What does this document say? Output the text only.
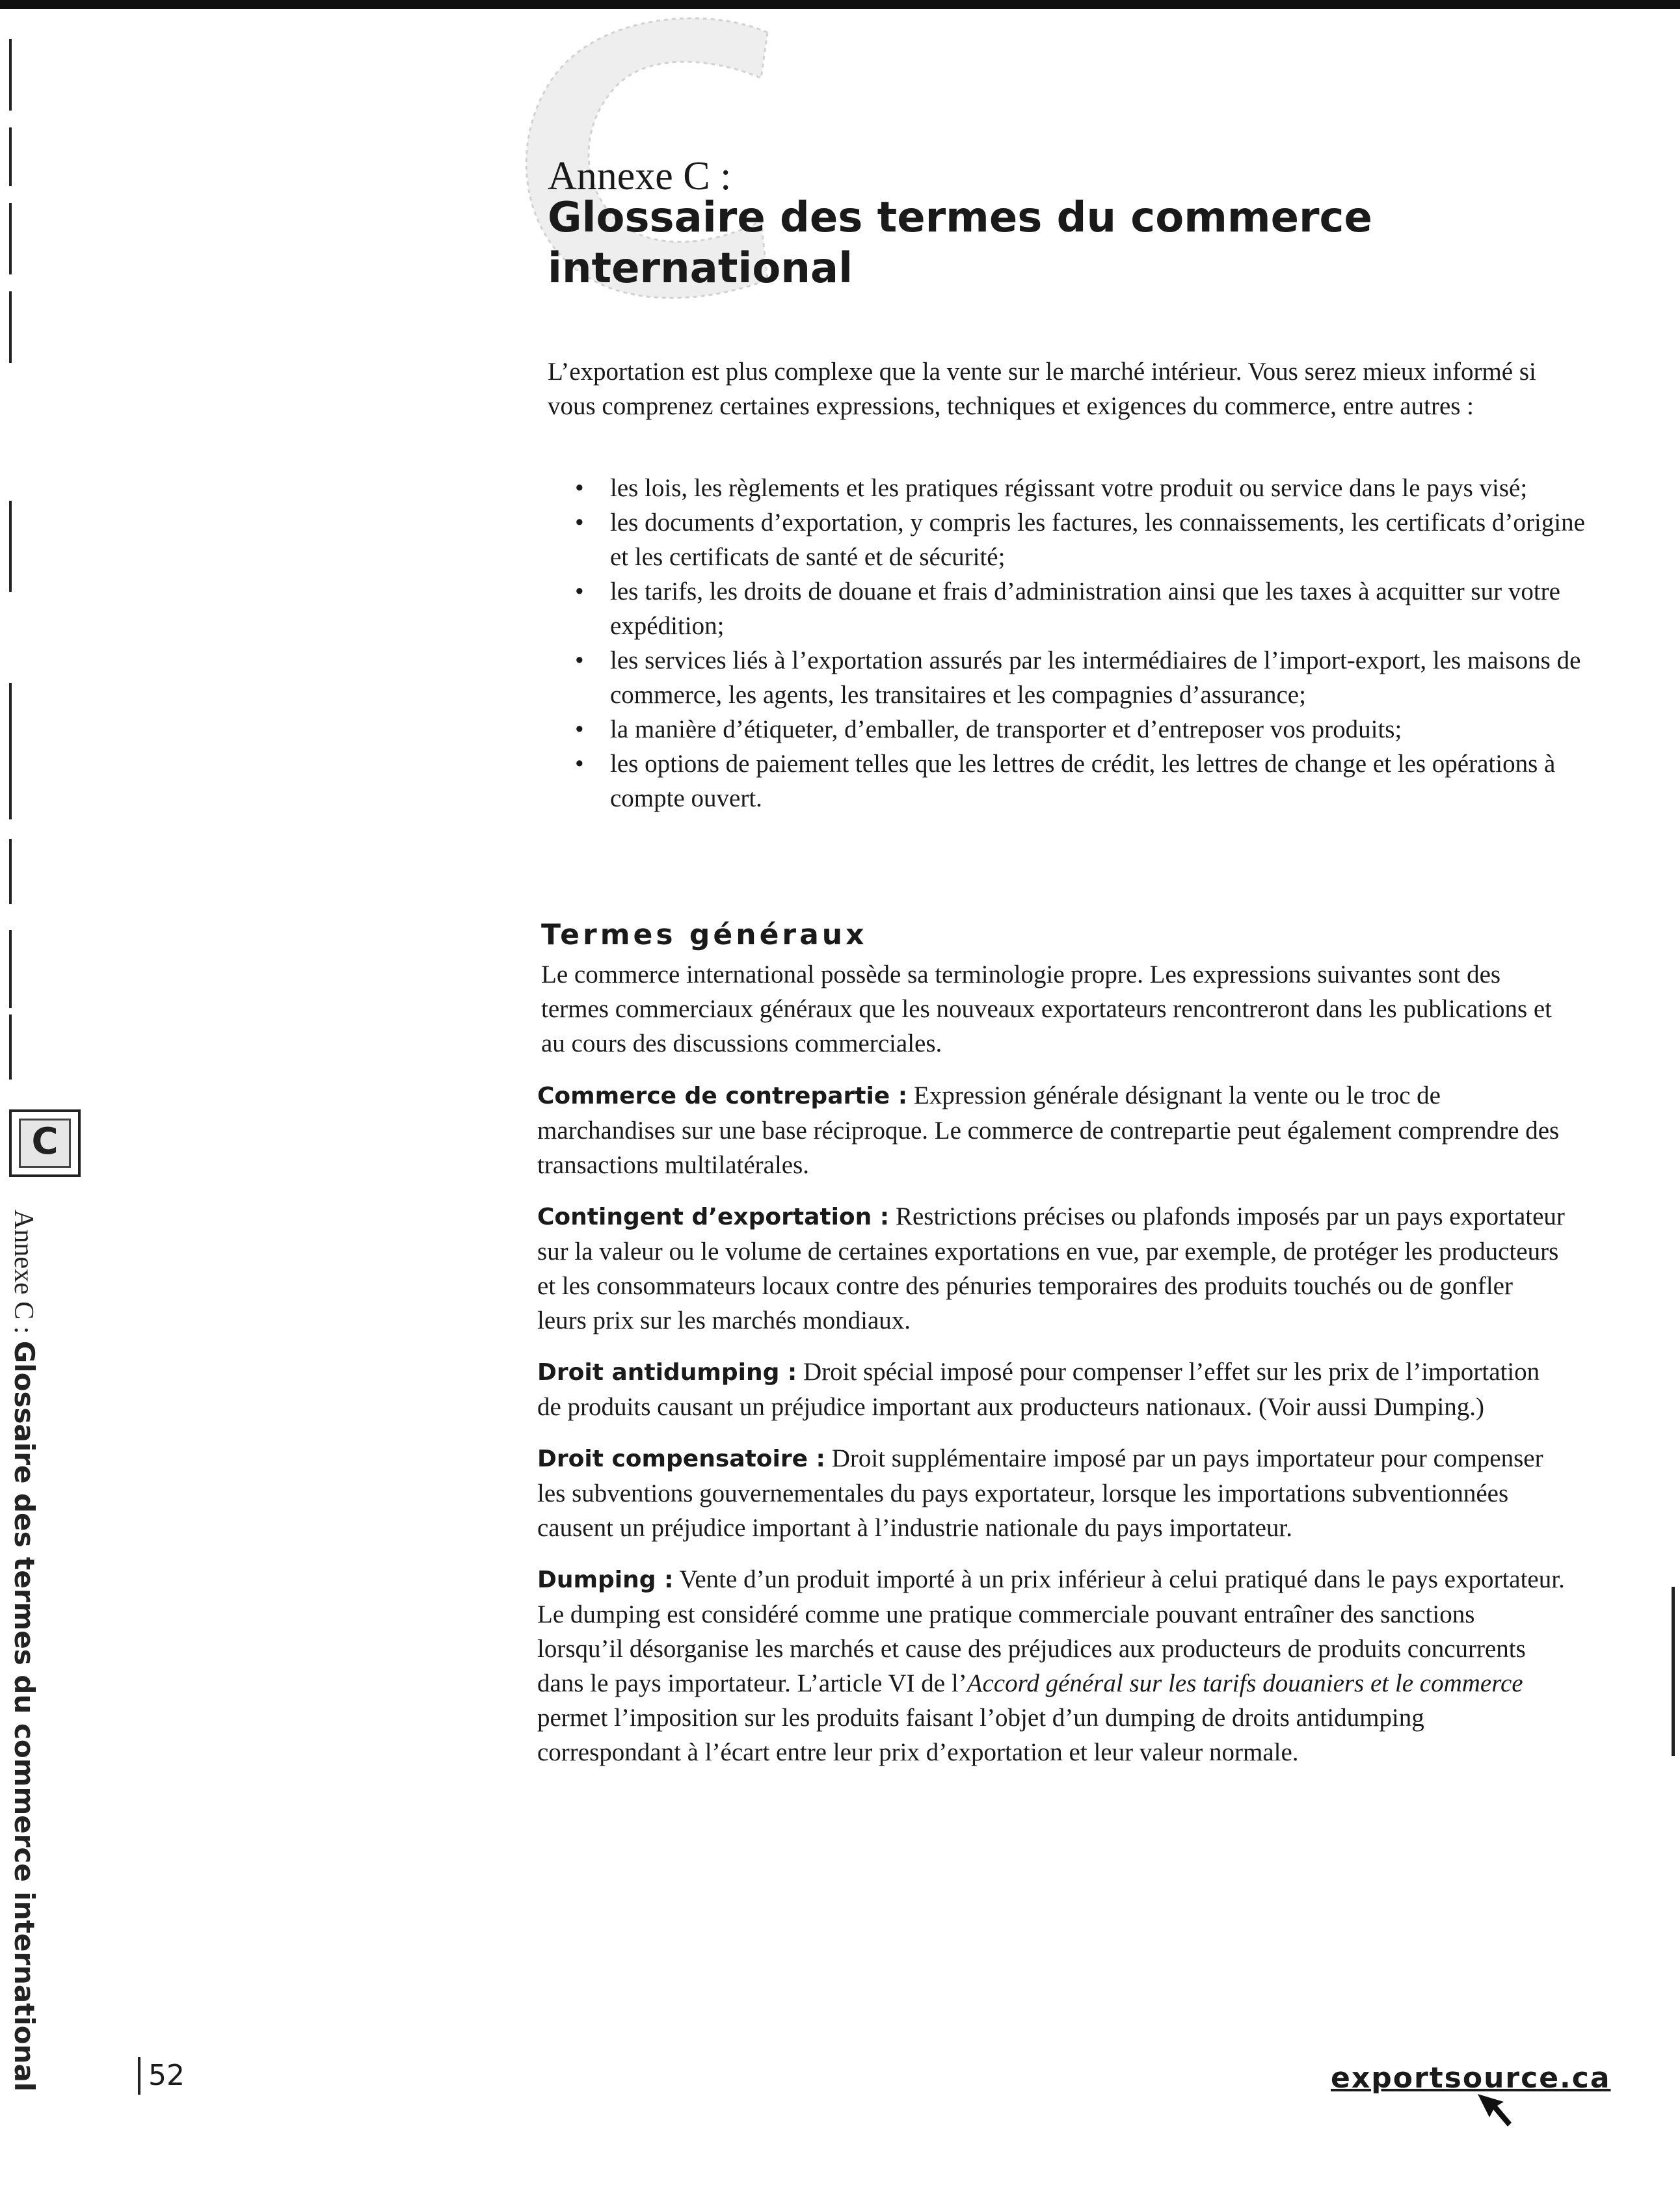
Annexe C :
Glossaire des termes du commerce international

L’exportation est plus complexe que la vente sur le marché intérieur. Vous serez mieux informé si vous comprenez certaines expressions, techniques et exigences du commerce, entre autres :

• les lois, les règlements et les pratiques régissant votre produit ou service dans le pays visé;
• les documents d’exportation, y compris les factures, les connaissements, les certificats d’origine et les certificats de santé et de sécurité;
• les tarifs, les droits de douane et frais d’administration ainsi que les taxes à acquitter sur votre expédition;
• les services liés à l’exportation assurés par les intermédiaires de l’import-export, les maisons de commerce, les agents, les transitaires et les compagnies d’assurance;
• la manière d’étiqueter, d’emballer, de transporter et d’entreposer vos produits;
• les options de paiement telles que les lettres de crédit, les lettres de change et les opérations à compte ouvert.
Termes généraux

Le commerce international possède sa terminologie propre. Les expressions suivantes sont des termes commerciaux généraux que les nouveaux exportateurs rencontreront dans les publications et au cours des discussions commerciales.

Commerce de contrepartie : Expression générale désignant la vente ou le troc de marchandises sur une base réciproque. Le commerce de contrepartie peut également comprendre des transactions multilatérales.

Contingent d’exportation : Restrictions précises ou plafonds imposés par un pays exportateur sur la valeur ou le volume de certaines exportations en vue, par exemple, de protéger les producteurs et les consommateurs locaux contre des pénuries temporaires des produits touchés ou de gonfler leurs prix sur les marchés mondiaux.

Droit antidumping : Droit spécial imposé pour compenser l’effet sur les prix de l’importation de produits causant un préjudice important aux producteurs nationaux. (Voir aussi Dumping.)

Droit compensatoire : Droit supplémentaire imposé par un pays importateur pour compenser les subventions gouvernementales du pays exportateur, lorsque les importations subventionnées causent un préjudice important à l’industrie nationale du pays importateur.

Dumping : Vente d’un produit importé à un prix inférieur à celui pratiqué dans le pays exportateur. Le dumping est considéré comme une pratique commerciale pouvant entraîner des sanctions lorsqu’il désorganise les marchés et cause des préjudices aux producteurs de produits concurrents dans le pays importateur. L’article VI de l’Accord général sur les tarifs douaniers et le commerce permet l’imposition sur les produits faisant l’objet d’un dumping de droits antidumping correspondant à l’écart entre leur prix d’exportation et leur valeur normale.

C

Annexe C : Glossaire des termes du commerce international	52	exportsource.ca
